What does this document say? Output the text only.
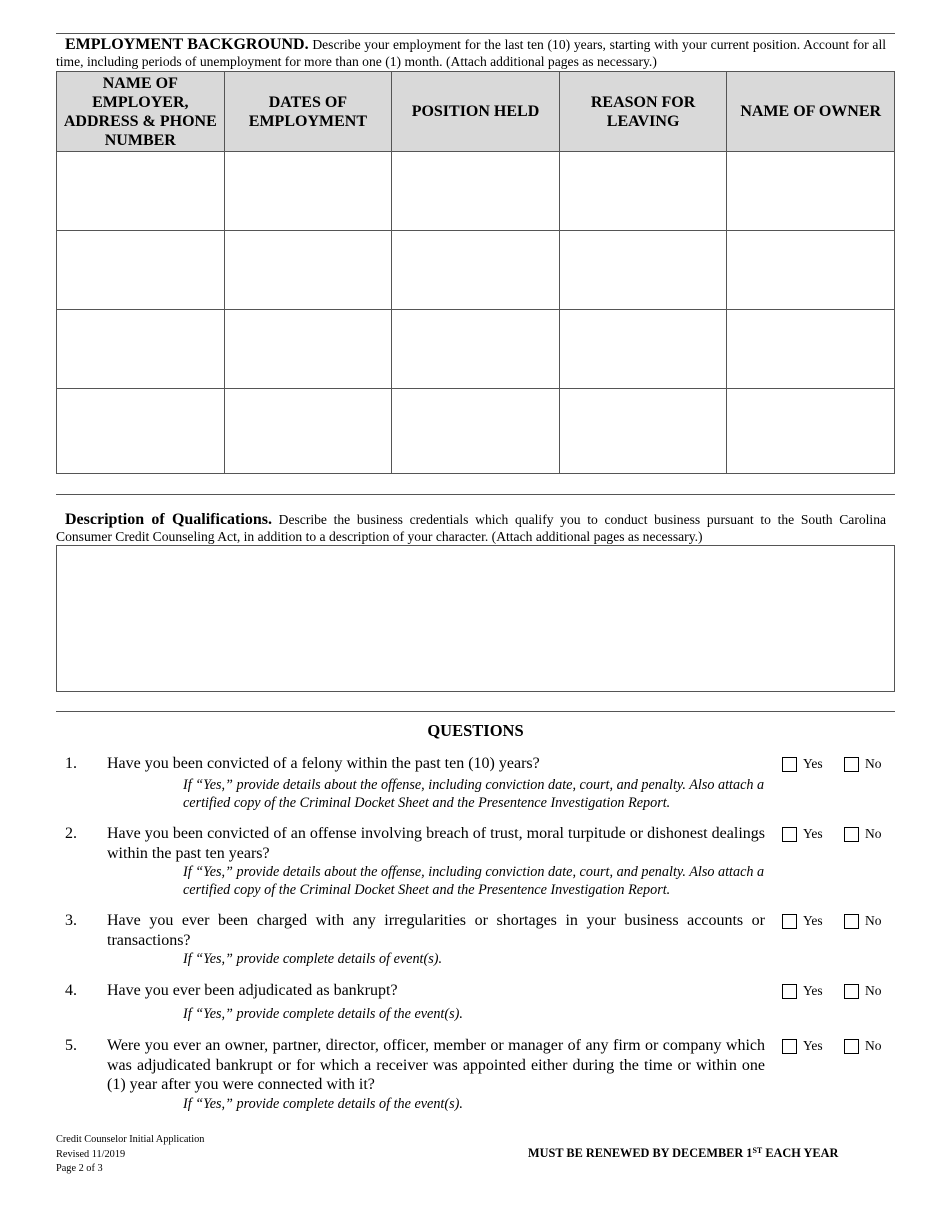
EMPLOYMENT BACKGROUND. Describe your employment for the last ten (10) years, starting with your current position. Account for all time, including periods of unemployment for more than one (1) month. (Attach additional pages as necessary.)
NAME OF EMPLOYER, ADDRESS & PHONE NUMBER	DATES OF EMPLOYMENT	POSITION HELD	REASON FOR LEAVING	NAME OF OWNER

Description of Qualifications. Describe the business credentials which qualify you to conduct business pursuant to the South Carolina Consumer Credit Counseling Act, in addition to a description of your character. (Attach additional pages as necessary.)
QUESTIONS
1. Have you been convicted of a felony within the past ten (10) years?
If “Yes,” provide details about the offense, including conviction date, court, and penalty. Also attach a certified copy of the Criminal Docket Sheet and the Presentence Investigation Report.
Yes	No
2. Have you been convicted of an offense involving breach of trust, moral turpitude or dishonest dealings within the past ten years?
If “Yes,” provide details about the offense, including conviction date, court, and penalty. Also attach a certified copy of the Criminal Docket Sheet and the Presentence Investigation Report.
Yes	No
3. Have you ever been charged with any irregularities or shortages in your business accounts or transactions?
If “Yes,” provide complete details of event(s).
Yes	No
4. Have you ever been adjudicated as bankrupt?
If “Yes,” provide complete details of the event(s).
Yes	No
5. Were you ever an owner, partner, director, officer, member or manager of any firm or company which was adjudicated bankrupt or for which a receiver was appointed either during the time or within one (1) year after you were connected with it?
If “Yes,” provide complete details of the event(s).
Yes	No
Credit Counselor Initial Application
Revised 11/2019
Page 2 of 3
MUST BE RENEWED BY DECEMBER 1ST EACH YEAR
